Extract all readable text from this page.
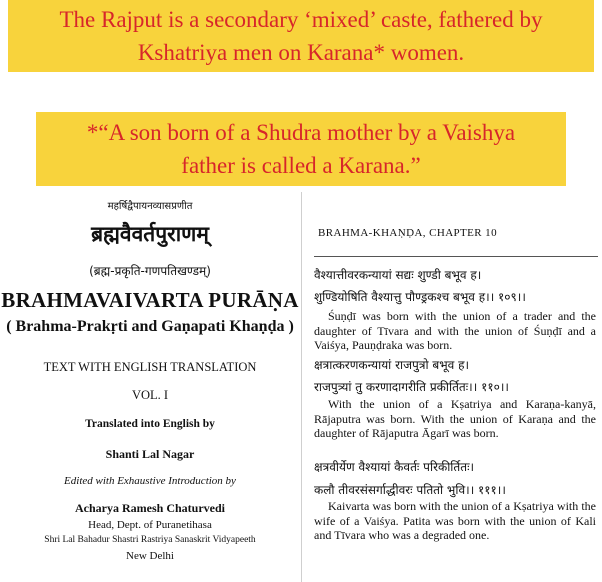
The Rajput is a secondary ‘mixed’ caste, fathered by
Kshatriya men on Karana* women.
*“A son born of a Shudra mother by a Vaishya
father is called a Karana.”
महर्षिद्वैपायनव्यासप्रणीत
ब्रह्मवैवर्तपुराणम्
(ब्रह्म-प्रकृति-गणपतिखण्डम्)
BRAHMAVAIVARTA PURĀṆA
( Brahma-Prakṛti and Gaṇapati Khaṇḍa )
TEXT WITH ENGLISH TRANSLATION
VOL. I
Translated into English by
Shanti Lal Nagar
Edited with Exhaustive Introduction by
Acharya Ramesh Chaturvedi
Head, Dept. of Puranetihasa
Shri Lal Bahadur Shastri Rastriya Sanaskrit Vidyapeeth
New Delhi
BRAHMA-KHAṆḌA, CHAPTER 10
वैश्यात्तीवरकन्यायां सद्यः शुण्डी बभूव ह।
शुण्डियोषिति वैश्यात्तु पौण्ड्रकश्च बभूव ह।। १०९।।
Śuṇḍī was born with the union of a trader and the daughter of Tīvara and with the union of Śuṇḍī and a Vaiśya, Pauṇḍraka was born.
क्षत्रात्करणकन्यायां राजपुत्रो बभूव ह।
राजपुत्र्यां तु करणादागरीति प्रकीर्तितः।। ११०।।
With the union of a Kṣatriya and Karaṇa-kanyā, Rājaputra was born. With the union of Karaṇa and the daughter of Rājaputra Āgarī was born.
क्षत्रवीर्येण वैश्यायां कैवर्तः परिकीर्तितः।
कलौ तीवरसंसर्गाद्धीवरः पतितो भुवि।। १११।।
Kaivarta was born with the union of a Kṣatriya with the wife of a Vaiśya. Patita was born with the union of Kali and Tīvara who was a degraded one.
